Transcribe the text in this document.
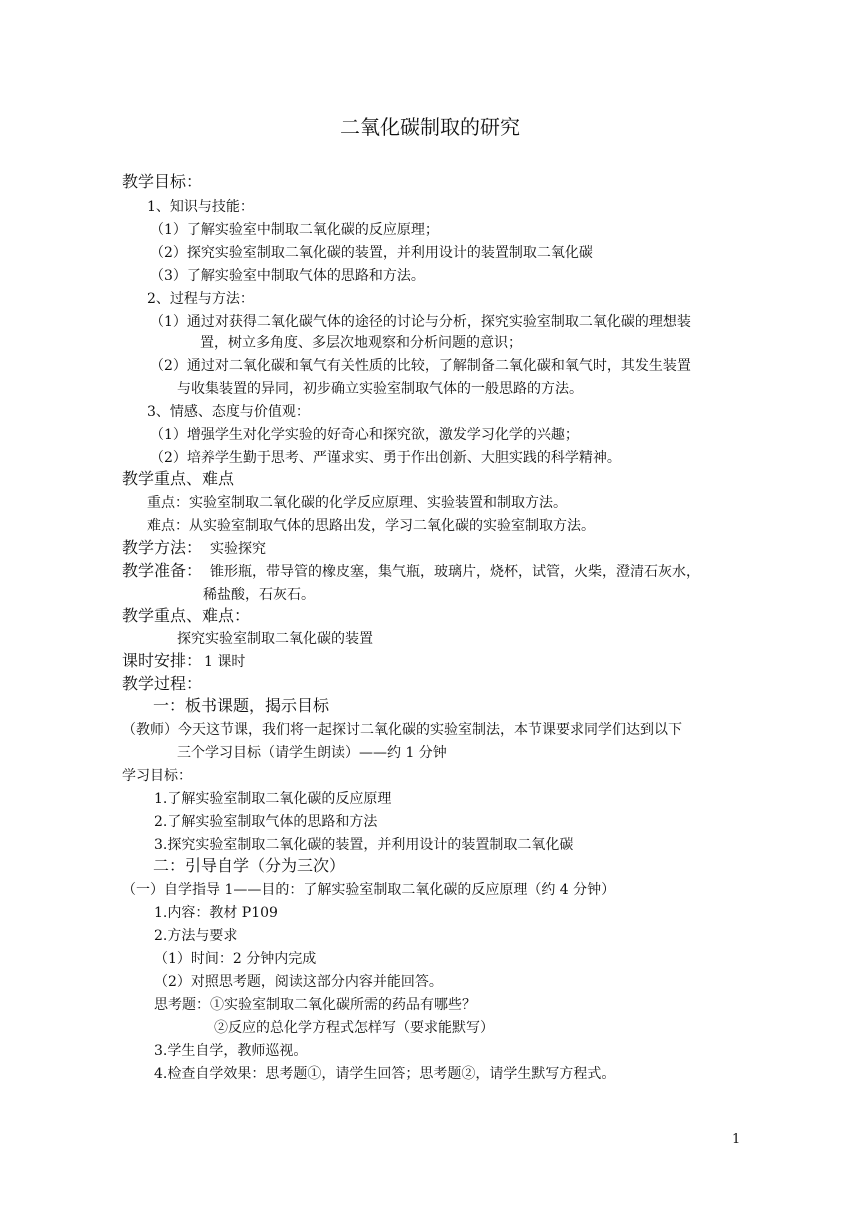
二氧化碳制取的研究
教学目标：
1、知识与技能：
（1）了解实验室中制取二氧化碳的反应原理；
（2）探究实验室制取二氧化碳的装置，并利用设计的装置制取二氧化碳
（3）了解实验室中制取气体的思路和方法。
2、过程与方法：
（1）通过对获得二氧化碳气体的途径的讨论与分析，探究实验室制取二氧化碳的理想装
置，树立多角度、多层次地观察和分析问题的意识；
（2）通过对二氧化碳和氧气有关性质的比较，了解制备二氧化碳和氧气时，其发生装置
与收集装置的异同，初步确立实验室制取气体的一般思路的方法。
3、情感、态度与价值观：
（1）增强学生对化学实验的好奇心和探究欲，激发学习化学的兴趣；
（2）培养学生勤于思考、严谨求实、勇于作出创新、大胆实践的科学精神。
教学重点、难点
重点：实验室制取二氧化碳的化学反应原理、实验装置和制取方法。
难点：从实验室制取气体的思路出发，学习二氧化碳的实验室制取方法。
教学方法： 实验探究
教学准备： 锥形瓶，带导管的橡皮塞，集气瓶，玻璃片，烧杯，试管，火柴，澄清石灰水，
稀盐酸，石灰石。
教学重点、难点：
探究实验室制取二氧化碳的装置
课时安排： 1 课时
教学过程：
一：板书课题，揭示目标
（教师）今天这节课，我们将一起探讨二氧化碳的实验室制法，本节课要求同学们达到以下
三个学习目标（请学生朗读）——约 1 分钟
学习目标：
1.了解实验室制取二氧化碳的反应原理
2.了解实验室制取气体的思路和方法
3.探究实验室制取二氧化碳的装置，并利用设计的装置制取二氧化碳
二：引导自学（分为三次）
（一）自学指导 1——目的：了解实验室制取二氧化碳的反应原理（约 4 分钟）
1.内容：教材 P109
2.方法与要求
（1）时间：2 分钟内完成
（2）对照思考题，阅读这部分内容并能回答。
思考题： ①实验室制取二氧化碳所需的药品有哪些？
②反应的总化学方程式怎样写（要求能默写）
3.学生自学，教师巡视。
4.检查自学效果：思考题①，请学生回答；思考题②，请学生默写方程式。
1
